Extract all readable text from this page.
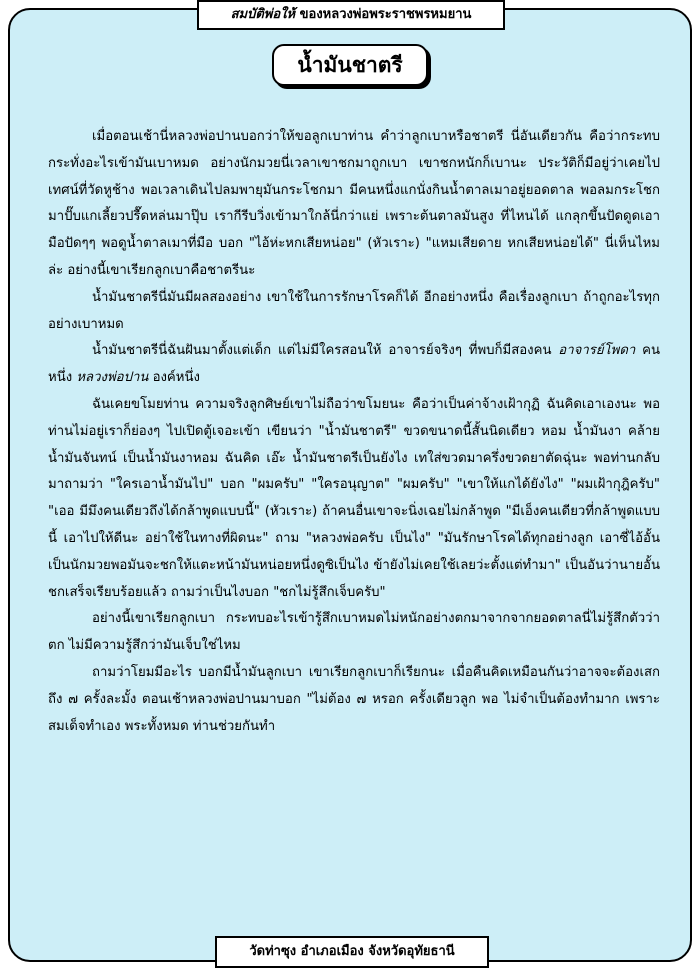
สมบัติพ่อให้ ของหลวงพ่อพระราชพรหมยาน
น้ำมันชาตรี

เมื่อตอนเช้านี่หลวงพ่อปานบอกว่าให้ขอลูกเบาท่าน คำว่าลูกเบาหรือชาตรี นี่อันเดียวกัน คือว่ากระทบกระทั่งอะไรเข้ามันเบาหมด อย่างนักมวยนี่เวลาเขาชกมาถูกเบา เขาชกหนักก็เบานะ ประวัติก็มีอยู่ว่าเคยไปเทศน์ที่วัดหูช้าง พอเวลาเดินไปลมพายุมันกระโชกมา มีคนหนึ่งแกนั่งกินน้ำตาลเมาอยู่ยอดตาล พอลมกระโชกมาปั๊บแกเลี้ยวปรื๊ดหล่นมาปุ๊บ เรากีรีบวิ่งเข้ามาใกล้นี่กว่าแย่ เพราะต้นตาลมันสูง ที่ไหนได้ แกลุกขึ้นปัดดูดเอามือปัดๆๆ พอดูน้ำตาลเมาที่มือ บอก "ไอ้ห่ะหกเสียหน่อย" (หัวเราะ) "แหมเสียดาย หกเสียหน่อยได้" นี่เห็นไหมล่ะ อย่างนี้เขาเรียกลูกเบาคือชาตรีนะ

น้ำมันชาตรีนี่มันมีผลสองอย่าง เขาใช้ในการรักษาโรคก็ได้ อีกอย่างหนึ่ง คือเรื่องลูกเบา ถ้าถูกอะไรทุกอย่างเบาหมด

น้ำมันชาตรีนี่ฉันฝันมาตั้งแต่เด็ก แต่ไม่มีใครสอนให้ อาจารย์จริงๆ ที่พบก็มีสองคน อาจารย์โพดา คนหนึ่ง หลวงพ่อปาน องค์หนึ่ง

ฉันเคยขโมยท่าน ความจริงลูกศิษย์เขาไม่ถือว่าขโมยนะ คือว่าเป็นค่าจ้างเฝ้ากุฏิ ฉันคิดเอาเองนะ พอท่านไม่อยู่เราก็ย่องๆ ไปเปิดตู้เจอะเข้า เขียนว่า "น้ำมันชาตรี" ขวดขนาดนี้สั้นนิดเดียว หอม น้ำมันงา คล้ายน้ำมันจันทน์ เป็นน้ำมันงาหอม ฉันคิด เอ๊ะ น้ำมันชาตรีเป็นยังไง เทใส่ขวดมาครึ่งขวดยาตัดฉุ่นะ พอท่านกลับมาถามว่า "ใครเอาน้ำมันไป" บอก "ผมครับ" "ใครอนุญาต" "ผมครับ" "เขาให้แกได้ยังไง" "ผมเฝ้ากุฎิครับ" "เออ มีมึงคนเดียวถึงได้กล้าพูดแบบนี้" (หัวเราะ) ถ้าคนอื่นเขาจะนิ่งเฉยไม่กล้าพูด "มีเอ็งคนเดียวที่กล้าพูดแบบนี้ เอาไปให้ดีนะ อย่าใช้ในทางที่ผิดนะ" ถาม "หลวงพ่อครับ เป็นไง" "มันรักษาโรคได้ทุกอย่างลูก เอาซี่ไอ้อั้นเป็นนักมวยพอมันจะชกให้แตะหน้ามันหน่อยหนึ่งดูซิเป็นไง ข้ายังไม่เคยใช้เลยว่ะตั้งแต่ทำมา" เป็นอันว่านายอั้นชกเสร็จเรียบร้อยแล้ว ถามว่าเป็นไงบอก "ชกไม่รู้สึกเจ็บครับ"

อย่างนี้เขาเรียกลูกเบา กระทบอะไรเข้ารู้สึกเบาหมดไม่หนักอย่างตกมาจากจากยอดตาลนี่ไม่รู้สึกตัวว่าตก ไม่มีความรู้สึกว่ามันเจ็บใช่ไหม

ถามว่าโยมมีอะไร บอกมีน้ำมันลูกเบา เขาเรียกลูกเบาก็เรียกนะ เมื่อคืนคิดเหมือนกันว่าอาจจะต้องเสกถึง ๗ ครั้งละมั้ง ตอนเช้าหลวงพ่อปานมาบอก "ไม่ต้อง ๗ หรอก ครั้งเดียวลูก พอ ไม่จำเป็นต้องทำมาก เพราะสมเด็จทำเอง พระทั้งหมด ท่านช่วยกันทำ

วัดท่าซุง อำเภอเมือง จังหวัดอุทัยธานี
